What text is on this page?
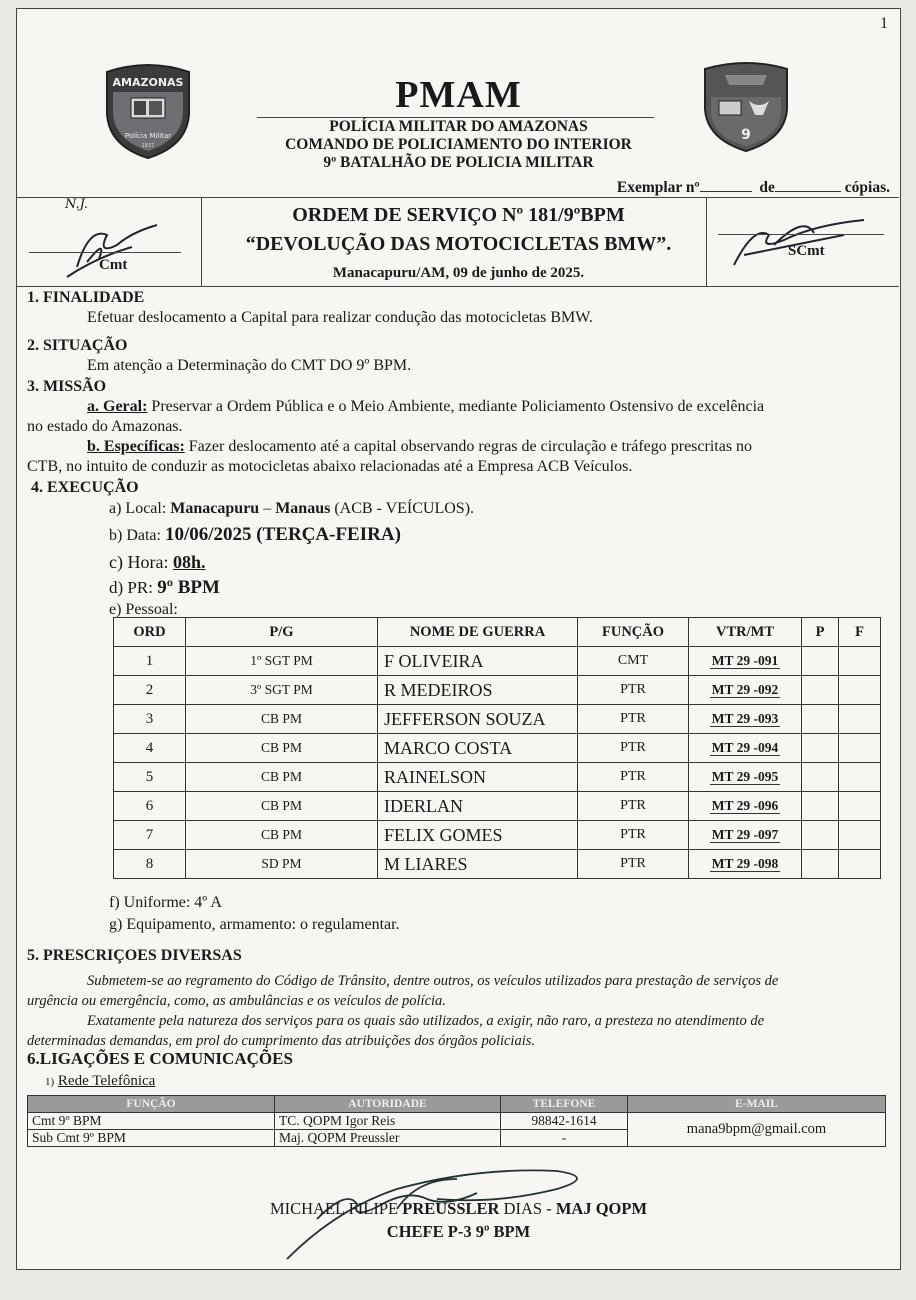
1
AMAZONAS
Polícia Militar
1837
9
PMAM
POLÍCIA MILITAR DO AMAZONAS
COMANDO DE POLICIAMENTO DO INTERIOR
9º BATALHÃO DE POLICIA MILITAR
Exemplar nº	de	cópias.
N.J.
Cmt
ORDEM DE SERVIÇO Nº 181/9ºBPM
“DEVOLUÇÃO DAS MOTOCICLETAS BMW”.
Manacapuru/AM, 09 de junho de 2025.
SCmt
1. FINALIDADE
Efetuar deslocamento a Capital para realizar condução das motocicletas BMW.
2. SITUAÇÃO
Em atenção a Determinação do CMT DO 9º BPM.
3. MISSÃO
a. Geral: Preservar a Ordem Pública e o Meio Ambiente, mediante Policiamento Ostensivo de excelência
no estado do Amazonas.
b. Específicas: Fazer deslocamento até a capital observando regras de circulação e tráfego prescritas no
CTB, no intuito de conduzir as motocicletas abaixo relacionadas até a Empresa ACB Veículos.
4. EXECUÇÃO
a) Local: Manacapuru – Manaus (ACB - VEÍCULOS).
b) Data: 10/06/2025 (TERÇA-FEIRA)
c) Hora: 08h.
d) PR: 9º BPM
e) Pessoal:
ORD	P/G	NOME DE GUERRA	FUNÇÃO	VTR/MT	P	F
1	1º SGT PM	F OLIVEIRA	CMT	MT 29 -091		
2	3º SGT PM	R MEDEIROS	PTR	MT 29 -092		
3	CB PM	JEFFERSON SOUZA	PTR	MT 29 -093		
4	CB PM	MARCO COSTA	PTR	MT 29 -094		
5	CB PM	RAINELSON	PTR	MT 29 -095		
6	CB PM	IDERLAN	PTR	MT 29 -096		
7	CB PM	FELIX GOMES	PTR	MT 29 -097		
8	SD PM	M LIARES	PTR	MT 29 -098		
f) Uniforme: 4º A
g) Equipamento, armamento: o regulamentar.
5. PRESCRIÇOES DIVERSAS
Submetem-se ao regramento do Código de Trânsito, dentre outros, os veículos utilizados para prestação de serviços de
urgência ou emergência, como, as ambulâncias e os veículos de polícia.
Exatamente pela natureza dos serviços para os quais são utilizados, a exigir, não raro, a presteza no atendimento de
determinadas demandas, em prol do cumprimento das atribuições dos órgãos policiais.
6.LIGAÇÕES E COMUNICAÇÕES
1) Rede Telefônica
FUNÇÃO	AUTORIDADE	TELEFONE	E-MAIL
Cmt 9º BPM	TC. QOPM Igor Reis	98842-1614	mana9bpm@gmail.com
Sub Cmt 9º BPM	Maj. QOPM Preussler	-	
MICHAEL FILIPE PREUSSLER DIAS - MAJ QOPM
CHEFE P-3 9º BPM
